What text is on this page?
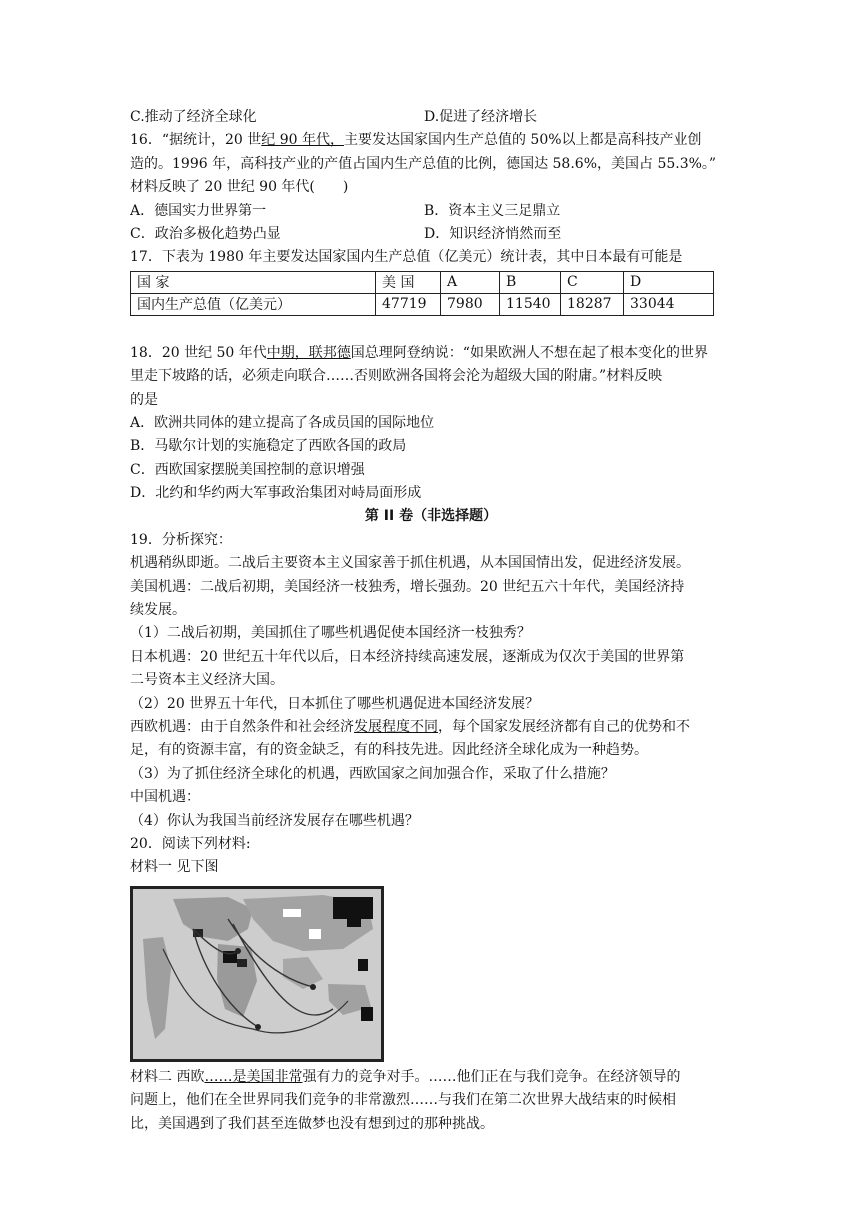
C.推动了经济全球化	D.促进了经济增长
16．“据统计，20 世纪 90 年代，主要发达国家国内生产总值的 50%以上都是高科技产业创
造的。1996 年，高科技产业的产值占国内生产总值的比例，德国达 58.6%，美国占 55.3%。”
材料反映了 20 世纪 90 年代(　　)
A．德国实力世界第一	B．资本主义三足鼎立
C．政治多极化趋势凸显	D．知识经济悄然而至
17．下表为 1980 年主要发达国家国内生产总值（亿美元）统计表，其中日本最有可能是
国 家	美 国	A	B	C	D
国内生产总值（亿美元）	47719	7980	11540	18287	33044
18．20 世纪 50 年代中期，联邦德国总理阿登纳说：“如果欧洲人不想在起了根本变化的世界
里走下坡路的话，必须走向联合……否则欧洲各国将会沦为超级大国的附庸。”材料反映
的是
A．欧洲共同体的建立提高了各成员国的国际地位
B．马歇尔计划的实施稳定了西欧各国的政局
C．西欧国家摆脱美国控制的意识增强
D．北约和华约两大军事政治集团对峙局面形成
第 II 卷（非选择题）
19．分析探究：
机遇稍纵即逝。二战后主要资本主义国家善于抓住机遇，从本国国情出发，促进经济发展。
美国机遇：二战后初期，美国经济一枝独秀，增长强劲。20 世纪五六十年代，美国经济持
续发展。
（1）二战后初期，美国抓住了哪些机遇促使本国经济一枝独秀？
日本机遇：20 世纪五十年代以后，日本经济持续高速发展，逐渐成为仅次于美国的世界第
二号资本主义经济大国。
（2）20 世界五十年代，日本抓住了哪些机遇促进本国经济发展？
西欧机遇：由于自然条件和社会经济发展程度不同，每个国家发展经济都有自己的优势和不
足，有的资源丰富，有的资金缺乏，有的科技先进。因此经济全球化成为一种趋势。
（3）为了抓住经济全球化的机遇，西欧国家之间加强合作，采取了什么措施？
中国机遇：
（4）你认为我国当前经济发展存在哪些机遇？
20．阅读下列材料:
材料一 见下图
材料二 西欧……是美国非常强有力的竞争对手。……他们正在与我们竞争。在经济领导的
问题上，他们在全世界同我们竞争的非常激烈……与我们在第二次世界大战结束的时候相
比，美国遇到了我们甚至连做梦也没有想到过的那种挑战。
